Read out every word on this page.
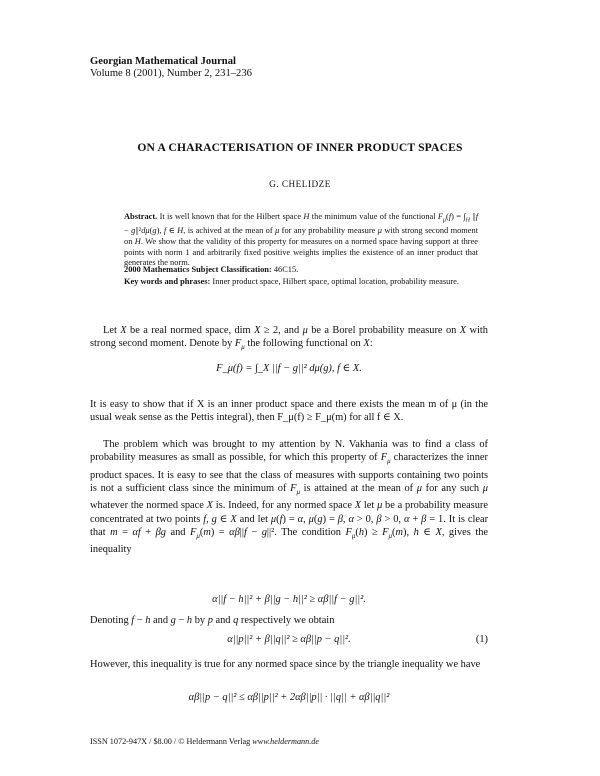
Georgian Mathematical Journal
Volume 8 (2001), Number 2, 231–236
ON A CHARACTERISATION OF INNER PRODUCT SPACES
G. CHELIDZE
Abstract. It is well known that for the Hilbert space H the minimum value of the functional $F_\mu(f) = \int_H$ ||f − g||²dμ(g), f ∈ H, is achived at the mean of μ for any probability measure μ with strong second moment on H. We show that the validity of this property for measures on a normed space having support at three points with norm 1 and arbitrarily fixed positive weights implies the existence of an inner product that generates the norm.
2000 Mathematics Subject Classification: 46C15.
Key words and phrases: Inner product space, Hilbert space, optimal location, probability measure.

Let X be a real normed space, dim X ≥ 2, and μ be a Borel probability measure on X with strong second moment. Denote by $F_\mu$ the following functional on X:

F_μ(f) = ∫_X ||f − g||² dμ(g), f ∈ X.

It is easy to show that if X is an inner product space and there exists the mean m of μ (in the usual weak sense as the Pettis integral), then F_μ(f) ≥ F_μ(m) for all f ∈ X.

The problem which was brought to my attention by N. Vakhania was to find a class of probability measures as small as possible, for which this property of $F_\mu$ characterizes the inner product spaces. It is easy to see that the class of measures with supports containing two points is not a sufficient class since the minimum of $F_\mu$ is attained at the mean of μ for any such μ whatever the normed space X is. Indeed, for any normed space X let μ be a probability measure concentrated at two points f, g ∈ X and let μ(f) = α, μ(g) = β, α > 0, β > 0, α + β = 1. It is clear that m = αf + βg and $F_\mu(m) = \alpha\beta||f - g||^2$. The condition $F_\mu(h) \ge F_\mu(m)$, h ∈ X, gives the inequality

α||f − h||² + β||g − h||² ≥ αβ||f − g||².

Denoting f − h and g − h by p and q respectively we obtain

α||p||² + β||q||² ≥ αβ||p − q||².	(1)

However, this inequality is true for any normed space since by the triangle inequality we have

αβ||p − q||² ≤ αβ||p||² + 2αβ||p|| · ||q|| + αβ||q||²
ISSN 1072-947X / $8.00 / © Heldermann Verlag www.heldermann.de
